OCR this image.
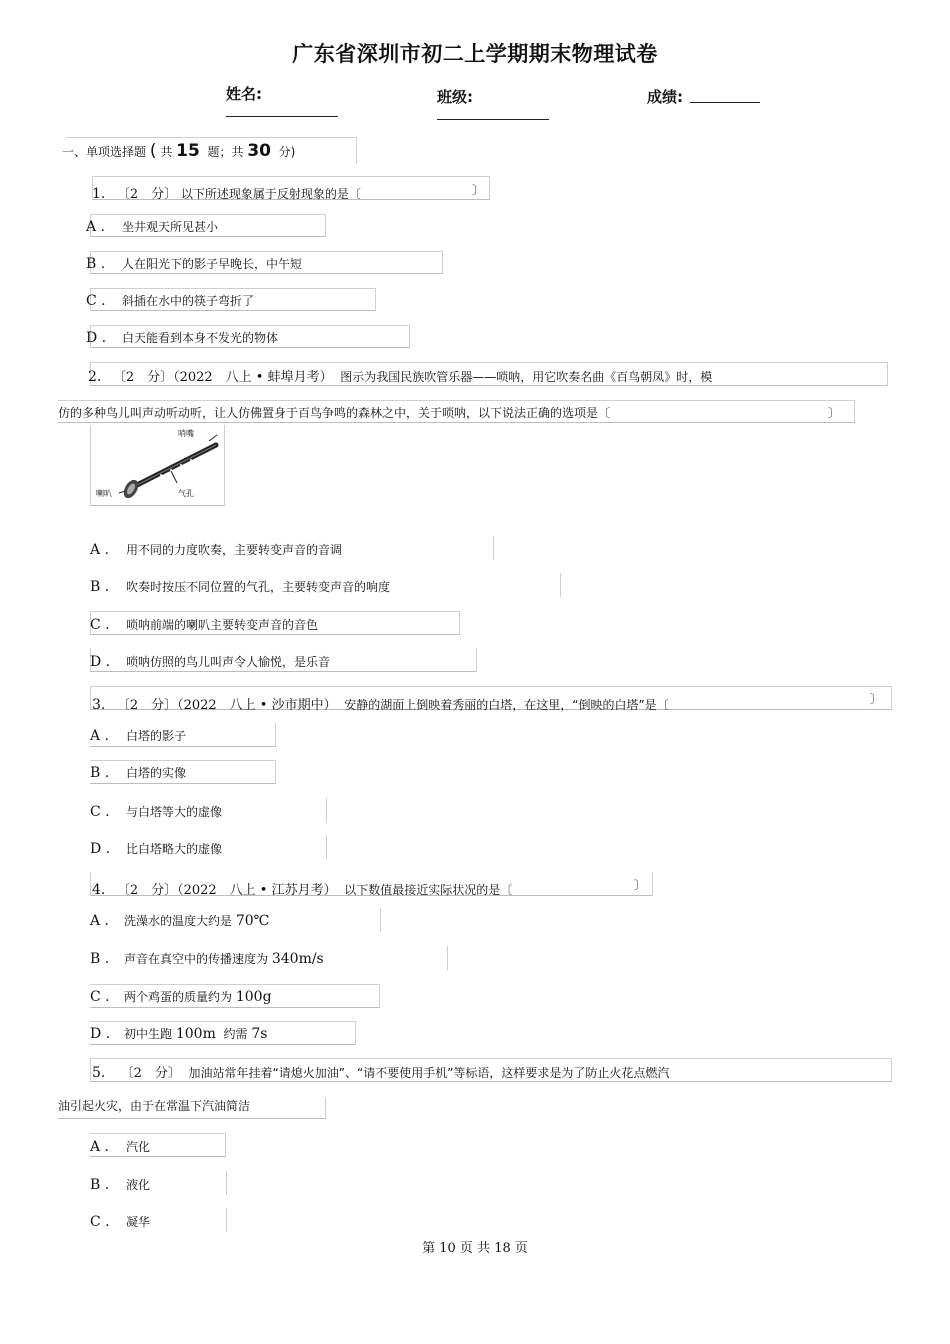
广东省深圳市初二上学期期末物理试卷
姓名:	班级:	成绩:
一、单项选择题 ( 共 15 题；共 30 分)
1. 〔2　分〕 以下所述现象属于反射现象的是〔	〕
A . 坐井观天所见甚小
B . 人在阳光下的影子早晚长，中午短
C . 斜插在水中的筷子弯折了
D . 白天能看到本身不发光的物体
2. 〔2　分〕（2022　八上 • 蚌埠月考） 图示为我国民族吹管乐器——唢呐，用它吹奏名曲《百鸟朝凤》时，模
仿的多种鸟儿叫声动听动听，让人仿佛置身于百鸟争鸣的森林之中，关于唢呐，以下说法正确的选项是〔	〕
哨嘴
喇叭	气孔
A . 用不同的力度吹奏，主要转变声音的音调
B . 吹奏时按压不同位置的气孔，主要转变声音的响度
C . 唢呐前端的喇叭主要转变声音的音色
D . 唢呐仿照的鸟儿叫声令人愉悦，是乐音
3. 〔2　分〕（2022　八上 • 沙市期中） 安静的湖面上倒映着秀丽的白塔，在这里，“倒映的白塔”是〔	〕
A . 白塔的影子
B . 白塔的实像
C . 与白塔等大的虚像
D . 比白塔略大的虚像
4. 〔2　分〕（2022　八上 • 江苏月考） 以下数值最接近实际状况的是〔	〕
A . 洗澡水的温度大约是 70℃
B . 声音在真空中的传播速度为 340m/s
C . 两个鸡蛋的质量约为 100g
D . 初中生跑 100m 约需 7s
5. 〔2　分〕 加油站常年挂着“请熄火加油”、“请不要使用手机”等标语，这样要求是为了防止火花点燃汽
油引起火灾，由于在常温下汽油简洁
A . 汽化
B . 液化
C . 凝华
第 10 页 共 18 页
